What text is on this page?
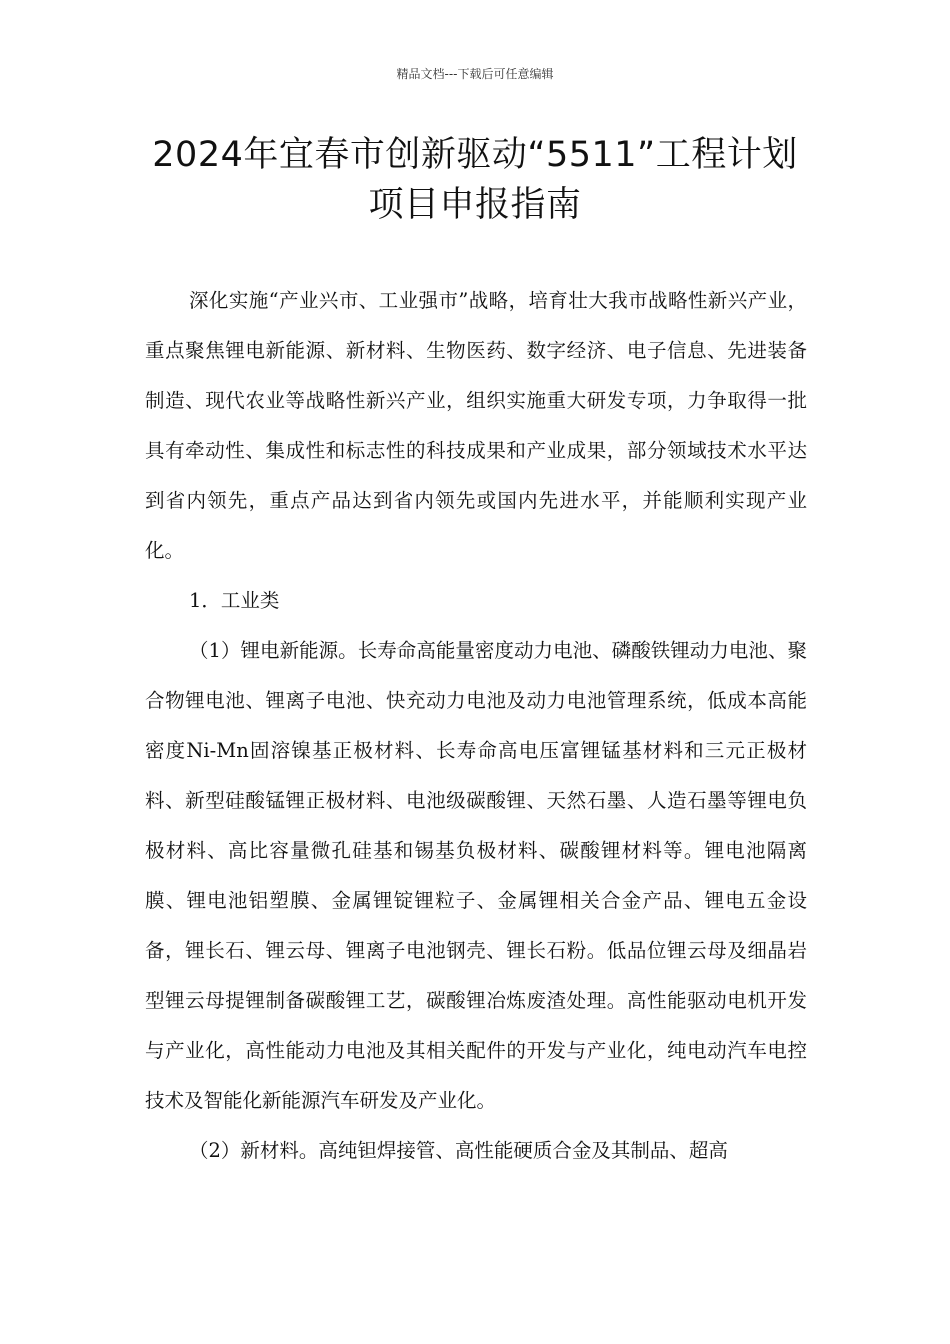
精品文档---下载后可任意编辑
2024年宜春市创新驱动“5511”工程计划项目申报指南

深化实施“产业兴市、工业强市”战略，培育壮大我市战略性新兴产业，重点聚焦锂电新能源、新材料、生物医药、数字经济、电子信息、先进装备制造、现代农业等战略性新兴产业，组织实施重大研发专项，力争取得一批具有牵动性、集成性和标志性的科技成果和产业成果，部分领域技术水平达到省内领先，重点产品达到省内领先或国内先进水平，并能顺利实现产业化。

1．工业类

（1）锂电新能源。长寿命高能量密度动力电池、磷酸铁锂动力电池、聚合物锂电池、锂离子电池、快充动力电池及动力电池管理系统，低成本高能密度Ni-Mn固溶镍基正极材料、长寿命高电压富锂锰基材料和三元正极材料、新型硅酸锰锂正极材料、电池级碳酸锂、天然石墨、人造石墨等锂电负极材料、高比容量微孔硅基和锡基负极材料、碳酸锂材料等。锂电池隔离膜、锂电池铝塑膜、金属锂锭锂粒子、金属锂相关合金产品、锂电五金设备，锂长石、锂云母、锂离子电池钢壳、锂长石粉。低品位锂云母及细晶岩型锂云母提锂制备碳酸锂工艺，碳酸锂冶炼废渣处理。高性能驱动电机开发与产业化，高性能动力电池及其相关配件的开发与产业化，纯电动汽车电控技术及智能化新能源汽车研发及产业化。

（2）新材料。高纯钽焊接管、高性能硬质合金及其制品、超高
